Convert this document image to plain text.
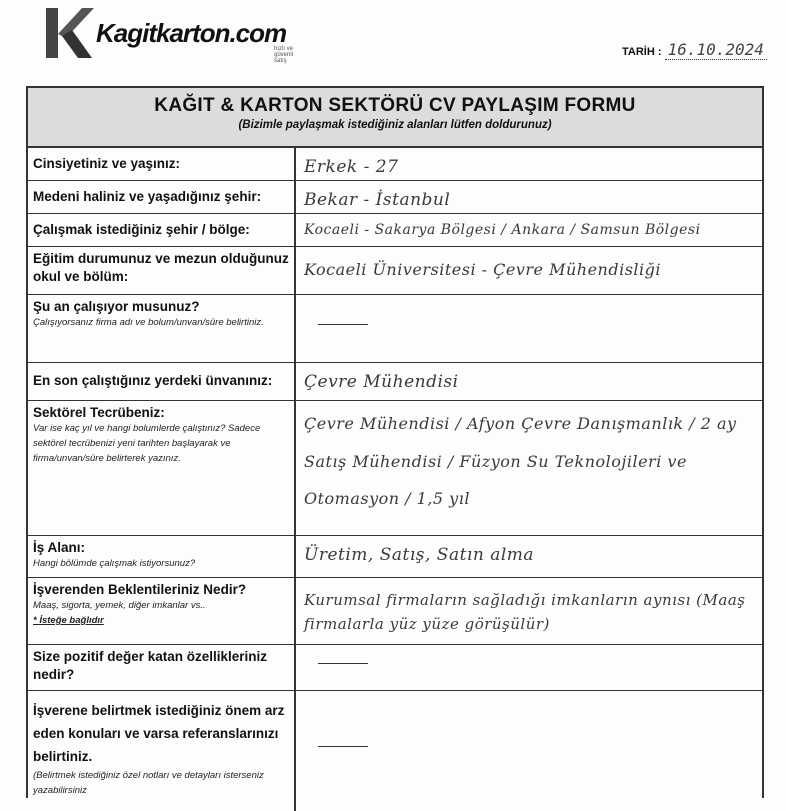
Kagitkarton.com
hızlı ve güvenli satış
TARİH : 16.10.2024
KAĞIT & KARTON SEKTÖRÜ CV PAYLAŞIM FORMU
(Bizimle paylaşmak istediğiniz alanları lütfen doldurunuz)
Cinsiyetiniz ve yaşınız:	Erkek - 27
Medeni haliniz ve yaşadığınız şehir:	Bekar - İstanbul
Çalışmak istediğiniz şehir / bölge:	Kocaeli - Sakarya Bölgesi / Ankara / Samsun Bölgesi
Eğitim durumunuz ve mezun olduğunuz okul ve bölüm:	Kocaeli Üniversitesi - Çevre Mühendisliği
Şu an çalışıyor musunuz?
Çalışıyorsanız firma adı ve bolum/unvan/süre belirtiniz.
En son çalıştığınız yerdeki ünvanınız:	Çevre Mühendisi
Sektörel Tecrübeniz:
Var ise kaç yıl ve hangi bolumlerde çalıştınız? Sadece sektörel tecrübenizi yeni tarihten başlayarak ve firma/unvan/süre belirterek yazınız.
Çevre Mühendisi / Afyon Çevre Danışmanlık / 2 ay Satış Mühendisi / Füzyon Su Teknolojileri ve Otomasyon / 1,5 yıl
İş Alanı:
Hangi bölümde çalışmak istiyorsunuz?	Üretim, Satış, Satın alma
İşverenden Beklentileriniz Nedir?
Maaş, sigorta, yemek, diğer imkanlar vs..
* İsteğe bağlıdır
Kurumsal firmaların sağladığı imkanların aynısı (Maaş firmalarla yüz yüze görüşülür)
Size pozitif değer katan özellikleriniz nedir?
İşverene belirtmek istediğiniz önem arz eden konuları ve varsa referanslarınızı belirtiniz.
(Belirtmek istediğiniz özel notları ve detayları isterseniz yazabilirsiniz
